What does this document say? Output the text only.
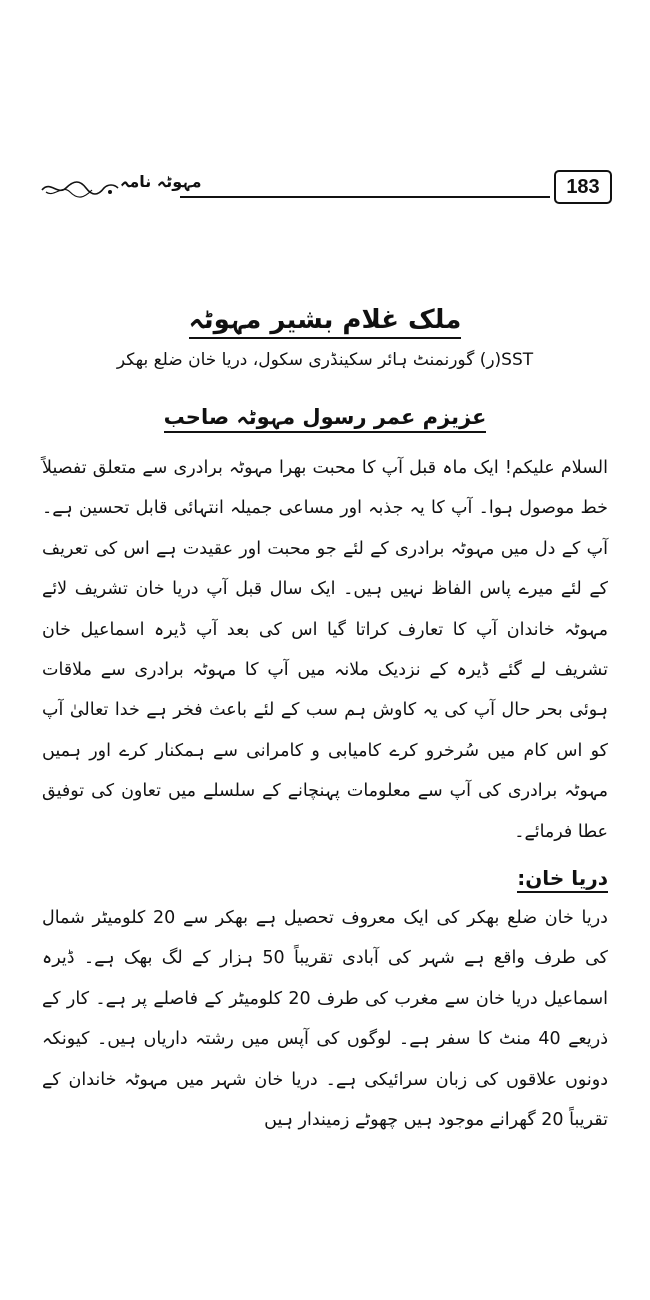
مہوٹہ نامہ	183
ملک غلام بشیر مہوٹہ
SST(ر) گورنمنٹ ہائر سکینڈری سکول، دریا خان ضلع بھکر
عزیزم عمر رسول مہوٹہ صاحب

السلام علیکم! ایک ماہ قبل آپ کا محبت بھرا مہوٹہ برادری سے متعلق تفصیلاً خط موصول ہوا۔ آپ کا یہ جذبہ اور مساعی جمیلہ انتہائی قابل تحسین ہے۔ آپ کے دل میں مہوٹہ برادری کے لئے جو محبت اور عقیدت ہے اس کی تعریف کے لئے میرے پاس الفاظ نہیں ہیں۔ ایک سال قبل آپ دریا خان تشریف لائے مہوٹہ خاندان آپ کا تعارف کراتا گیا اس کی بعد آپ ڈیرہ اسماعیل خان تشریف لے گئے ڈیرہ کے نزدیک ملانہ میں آپ کا مہوٹہ برادری سے ملاقات ہوئی بحر حال آپ کی یہ کاوش ہم سب کے لئے باعث فخر ہے خدا تعالیٰ آپ کو اس کام میں سُرخرو کرے کامیابی و کامرانی سے ہمکنار کرے اور ہمیں مہوٹہ برادری کی آپ سے معلومات پہنچانے کے سلسلے میں تعاون کی توفیق عطا فرمائے۔

دریا خان:

دریا خان ضلع بھکر کی ایک معروف تحصیل ہے بھکر سے 20 کلومیٹر شمال کی طرف واقع ہے شہر کی آبادی تقریباً 50 ہزار کے لگ بھک ہے۔ ڈیرہ اسماعیل دریا خان سے مغرب کی طرف 20 کلومیٹر کے فاصلے پر ہے۔ کار کے ذریعے 40 منٹ کا سفر ہے۔ لوگوں کی آپس میں رشتہ داریاں ہیں۔ کیونکہ دونوں علاقوں کی زبان سرائیکی ہے۔ دریا خان شہر میں مہوٹہ خاندان کے تقریباً 20 گھرانے موجود ہیں چھوٹے زمیندار ہیں
